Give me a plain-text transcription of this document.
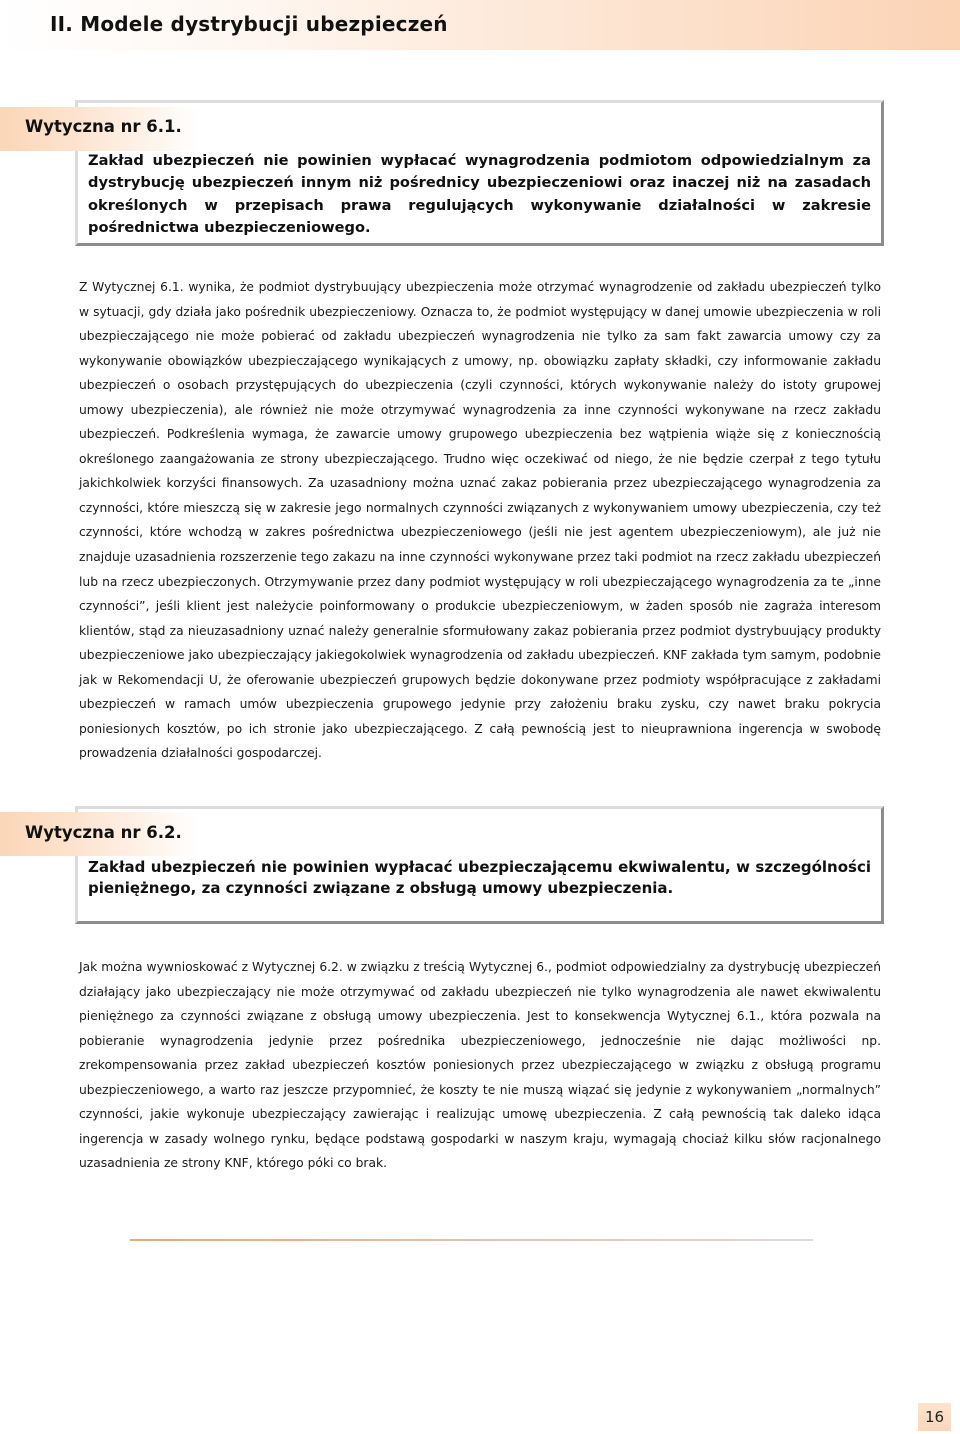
II. Modele dystrybucji ubezpieczeń
Wytyczna nr 6.1.

Zakład ubezpieczeń nie powinien wypłacać wynagrodzenia podmiotom odpowiedzialnym za dystrybucję ubezpieczeń innym niż pośrednicy ubezpieczeniowi oraz inaczej niż na zasadach określonych w przepisach prawa regulujących wykonywanie działalności w zakresie pośrednictwa ubezpieczeniowego.

Z Wytycznej 6.1. wynika, że podmiot dystrybuujący ubezpieczenia może otrzymać wynagrodzenie od zakładu ubezpieczeń tylko w sytuacji, gdy działa jako pośrednik ubezpieczeniowy. Oznacza to, że podmiot występujący w danej umowie ubezpieczenia w roli ubezpieczającego nie może pobierać od zakładu ubezpieczeń wynagrodzenia nie tylko za sam fakt zawarcia umowy czy za wykonywanie obowiązków ubezpieczającego wynikających z umowy, np. obowiązku zapłaty składki, czy informowanie zakładu ubezpieczeń o osobach przystępujących do ubezpieczenia (czyli czynności, których wykonywanie należy do istoty grupowej umowy ubezpieczenia), ale również nie może otrzymywać wynagrodzenia za inne czynności wykonywane na rzecz zakładu ubezpieczeń. Podkreślenia wymaga, że zawarcie umowy grupowego ubezpieczenia bez wątpienia wiąże się z koniecznością określonego zaangażowania ze strony ubezpieczającego. Trudno więc oczekiwać od niego, że nie będzie czerpał z tego tytułu jakichkolwiek korzyści finansowych. Za uzasadniony można uznać zakaz pobierania przez ubezpieczającego wynagrodzenia za czynności, które mieszczą się w zakresie jego normalnych czynności związanych z wykonywaniem umowy ubezpieczenia, czy też czynności, które wchodzą w zakres pośrednictwa ubezpieczeniowego (jeśli nie jest agentem ubezpieczeniowym), ale już nie znajduje uzasadnienia rozszerzenie tego zakazu na inne czynności wykonywane przez taki podmiot na rzecz zakładu ubezpieczeń lub na rzecz ubezpieczonych. Otrzymywanie przez dany podmiot występujący w roli ubezpieczającego wynagrodzenia za te „inne czynności”, jeśli klient jest należycie poinformowany o produkcie ubezpieczeniowym, w żaden sposób nie zagraża interesom klientów, stąd za nieuzasadniony uznać należy generalnie sformułowany zakaz pobierania przez podmiot dystrybuujący produkty ubezpieczeniowe jako ubezpieczający jakiegokolwiek wynagrodzenia od zakładu ubezpieczeń. KNF zakłada tym samym, podobnie jak w Rekomendacji U, że oferowanie ubezpieczeń grupowych będzie dokonywane przez podmioty współpracujące z zakładami ubezpieczeń w ramach umów ubezpieczenia grupowego jedynie przy założeniu braku zysku, czy nawet braku pokrycia poniesionych kosztów, po ich stronie jako ubezpieczającego. Z całą pewnością jest to nieuprawniona ingerencja w swobodę prowadzenia działalności gospodarczej.

Wytyczna nr 6.2.

Zakład ubezpieczeń nie powinien wypłacać ubezpieczającemu ekwiwalentu, w szczególności pieniężnego, za czynności związane z obsługą umowy ubezpieczenia.

Jak można wywnioskować z Wytycznej 6.2. w związku z treścią Wytycznej 6., podmiot odpowiedzialny za dystrybucję ubezpieczeń działający jako ubezpieczający nie może otrzymywać od zakładu ubezpieczeń nie tylko wynagrodzenia ale nawet ekwiwalentu pieniężnego za czynności związane z obsługą umowy ubezpieczenia. Jest to konsekwencja Wytycznej 6.1., która pozwala na pobieranie wynagrodzenia jedynie przez pośrednika ubezpieczeniowego, jednocześnie nie dając możliwości np. zrekompensowania przez zakład ubezpieczeń kosztów poniesionych przez ubezpieczającego w związku z obsługą programu ubezpieczeniowego, a warto raz jeszcze przypomnieć, że koszty te nie muszą wiązać się jedynie z wykonywaniem „normalnych” czynności, jakie wykonuje ubezpieczający zawierając i realizując umowę ubezpieczenia. Z całą pewnością tak daleko idąca ingerencja w zasady wolnego rynku, będące podstawą gospodarki w naszym kraju, wymagają chociaż kilku słów racjonalnego uzasadnienia ze strony KNF, którego póki co brak.

16
